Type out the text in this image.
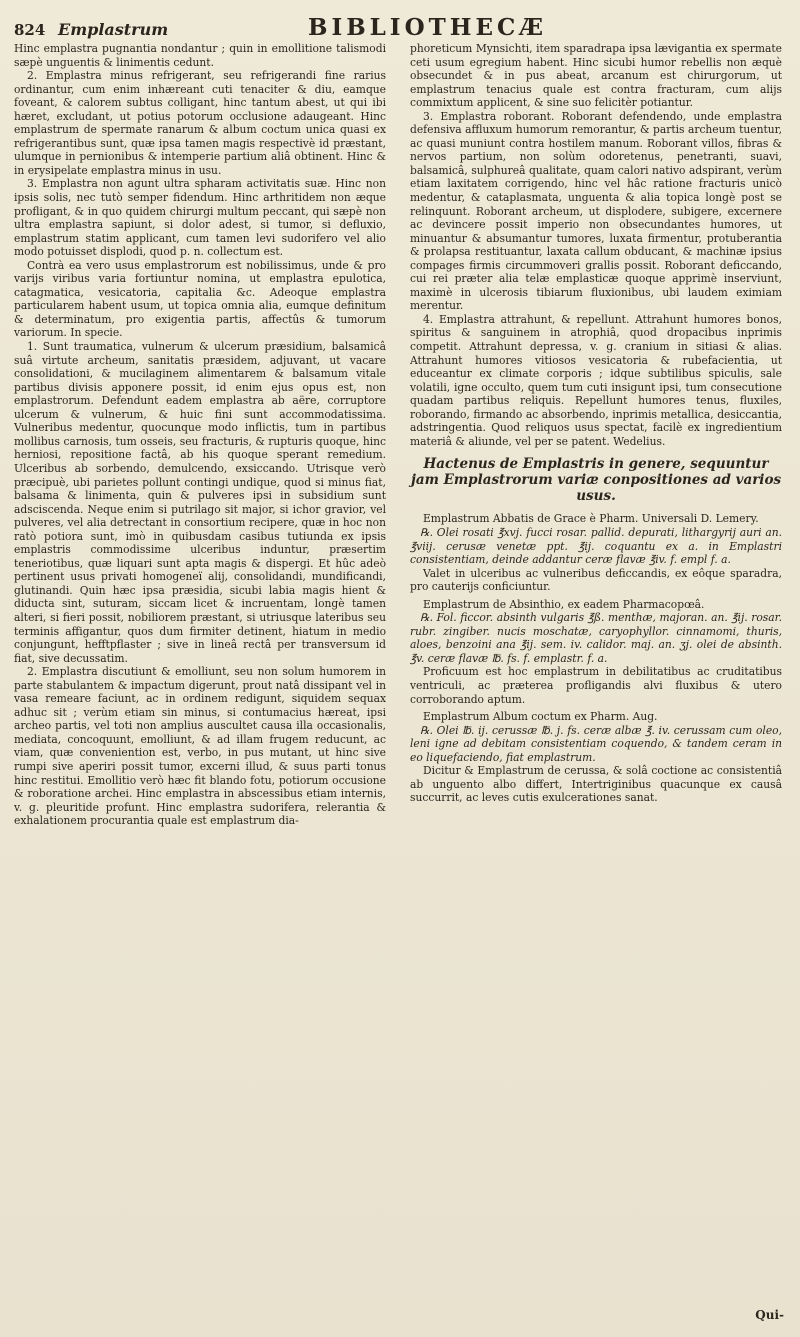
824 Emplastrum	BIBLIOTHECÆ

Hinc emplastra pugnantia nondantur ; quin in emollitione talismodi sæpè unguentis & linimentis cedunt.

2. Emplastra minus refrigerant, seu refrigerandi fine rarius ordinantur, cum enim inhæreant cuti tenaciter & diu, eamque foveant, & calorem subtus colligant, hinc tantum abest, ut qui ibi hæret, excludant, ut potius potorum occlusione adaugeant. Hinc emplastrum de spermate ranarum & album coctum unica quasi ex refrigerantibus sunt, quæ ipsa tamen magis respectivè id præstant, ulumque in pernionibus & intemperie partium aliâ obtinent. Hinc & in erysipelate emplastra minus in usu.

3. Emplastra non agunt ultra spharam activitatis suæ. Hinc non ipsis solis, nec tutò semper fidendum. Hinc arthritidem non æque profligant, & in quo quidem chirurgi multum peccant, qui sæpè non ultra emplastra sapiunt, si dolor adest, si tumor, si defluxio, emplastrum statim applicant, cum tamen levi sudorifero vel alio modo potuisset displodi, quod p. n. collectum est.

Contrà ea vero usus emplastrorum est nobilissimus, unde & pro varijs viribus varia fortiuntur nomina, ut emplastra epulotica, catagmatica, vesicatoria, capitalia &c. Adeoque emplastra particularem habent usum, ut topica omnia alia, eumque definitum & determinatum, pro exigentia partis, affectûs & tumorum variorum. In specie.

1. Sunt traumatica, vulnerum & ulcerum præsidium, balsamicâ suâ virtute archeum, sanitatis præsidem, adjuvant, ut vacare consolidationi, & mucilaginem alimentarem & balsamum vitale partibus divisis apponere possit, id enim ejus opus est, non emplastrorum. Defendunt eadem emplastra ab aëre, corruptore ulcerum & vulnerum, & huic fini sunt accommodatissima. Vulneribus medentur, quocunque modo inflictis, tum in partibus mollibus carnosis, tum osseis, seu fracturis, & rupturis quoque, hinc herniosi, repositione factâ, ab his quoque sperant remedium. Ulceribus ab sorbendo, demulcendo, exsiccando. Utrisque verò præcipuè, ubi parietes pollunt contingi undique, quod si minus fiat, balsama & linimenta, quin & pulveres ipsi in subsidium sunt adsciscenda. Neque enim si putrilago sit major, si ichor gravior, vel pulveres, vel alia detrectant in consortium recipere, quæ in hoc non ratò potiora sunt, imò in quibusdam casibus tutiunda ex ipsis emplastris commodissime ulceribus induntur, præsertim teneriotibus, quæ liquari sunt apta magis & dispergi. Et hûc adeò pertinent usus privati homogeneï alij, consolidandi, mundificandi, glutinandi. Quin hæc ipsa præsidia, sicubi labia magis hient & diducta sint, suturam, siccam licet & incruentam, longè tamen alteri, si fieri possit, nobiliorem præstant, si utriusque lateribus seu terminis affigantur, quos dum firmiter detinent, hiatum in medio conjungunt, hefftpflaster ; sive in lineâ rectâ per transversum id fiat, sive decussatim.

2. Emplastra discutiunt & emolliunt, seu non solum humorem in parte stabulantem & impactum digerunt, prout natâ dissipant vel in vasa remeare faciunt, ac in ordinem redigunt, siquidem sequax adhuc sit ; verùm etiam sin minus, si contumacius hæreat, ipsi archeo partis, vel toti non amplius auscultet causa illa occasionalis, mediata, concoquunt, emolliunt, & ad illam frugem reducunt, ac viam, quæ conveniention est, verbo, in pus mutant, ut hinc sive rumpi sive aperiri possit tumor, excerni illud, & suus parti tonus hinc restitui. Emollitio verò hæc fit blando fotu, potiorum occusione & roboratione archei. Hinc emplastra in abscessibus etiam internis, v. g. pleuritide profunt. Hinc emplastra sudorifera, relerantia & exhalationem procurantia quale est emplastrum dia-

phoreticum Mynsichti, item sparadrapa ipsa lævigantia ex spermate ceti usum egregium habent. Hinc sicubi humor rebellis non æquè obsecundet & in pus abeat, arcanum est chirurgorum, ut emplastrum tenacius quale est contra fracturam, cum alijs commixtum applicent, & sine suo felicitèr potiantur.

3. Emplastra roborant. Roborant defendendo, unde emplastra defensiva affluxum humorum remorantur, & partis archeum tuentur, ac quasi muniunt contra hostilem manum. Roborant villos, fibras & nervos partium, non solùm odoretenus, penetranti, suavi, balsamicâ, sulphureâ qualitate, quam calori nativo adspirant, verùm etiam laxitatem corrigendo, hinc vel hâc ratione fracturis unicò medentur, & cataplasmata, unguenta & alia topica longè post se relinquunt. Roborant archeum, ut displodere, subigere, excernere ac devincere possit imperio non obsecundantes humores, ut minuantur & absumantur tumores, luxata firmentur, protuberantia & prolapsa restituantur, laxata callum obducant, & machinæ ipsius compages firmis circummoveri grallis possit. Roborant deficcando, cui rei præter alia telæ emplasticæ quoque apprimè inserviunt, maximè in ulcerosis tibiarum fluxionibus, ubi laudem eximiam merentur.

4. Emplastra attrahunt, & repellunt. Attrahunt humores bonos, spiritus & sanguinem in atrophiâ, quod dropacibus inprimis competit. Attrahunt depressa, v. g. cranium in sitiasi & alias. Attrahunt humores vitiosos vesicatoria & rubefacientia, ut educeantur ex climate corporis ; idque subtilibus spiculis, sale volatili, igne occulto, quem tum cuti insigunt ipsi, tum consecutione quadam partibus reliquis. Repellunt humores tenus, fluxiles, roborando, firmando ac absorbendo, inprimis metallica, desiccantia, adstringentia. Quod reliquos usus spectat, facilè ex ingredientium materiâ & aliunde, vel per se patent. Wedelius.

Hactenus de Emplastris in genere, sequuntur jam Emplastrorum variæ conpositiones ad varios usus.

Emplastrum Abbatis de Grace è Pharm. Universali D. Lemery.

℞. Olei rosati ℥xvj. fucci rosar. pallid. depurati, lithargyrij auri an. ℥viij. cerusæ venetæ ppt. ℥ij. coquantu ex a. in Emplastri consistentiam, deinde addantur ceræ flavæ ℥iv. f. empl f. a.

Valet in ulceribus ac vulneribus deficcandis, ex eôque sparadra, pro cauterijs conficiuntur.

Emplastrum de Absinthio, ex eadem Pharmacopœâ.

℞. Fol. ficcor. absinth vulgaris ℥ß. menthæ, majoran. an. ℥ij. rosar. rubr. zingiber. nucis moschatæ, caryophyllor. cinnamomi, thuris, aloes, benzoini ana ℥ij. sem. iv. calidor. maj. an. ʒj. olei de absinth. ℥v. ceræ flavæ ℔. fs. f. emplastr. f. a.

Proficuum est hoc emplastrum in debilitatibus ac cruditatibus ventriculi, ac præterea profligandis alvi fluxibus & utero corroborando aptum.

Emplastrum Album coctum ex Pharm. Aug.

℞. Olei ℔. ij. cerussæ ℔. j. fs. ceræ albæ ℥. iv. cerussam cum oleo, leni igne ad debitam consistentiam coquendo, & tandem ceram in eo liquefaciendo, fiat emplastrum.

Dicitur & Emplastrum de cerussa, & solâ coctione ac consistentiâ ab unguento albo differt, Intertriginibus quacunque ex causâ succurrit, ac leves cutis exulcerationes sanat.

Qui-
